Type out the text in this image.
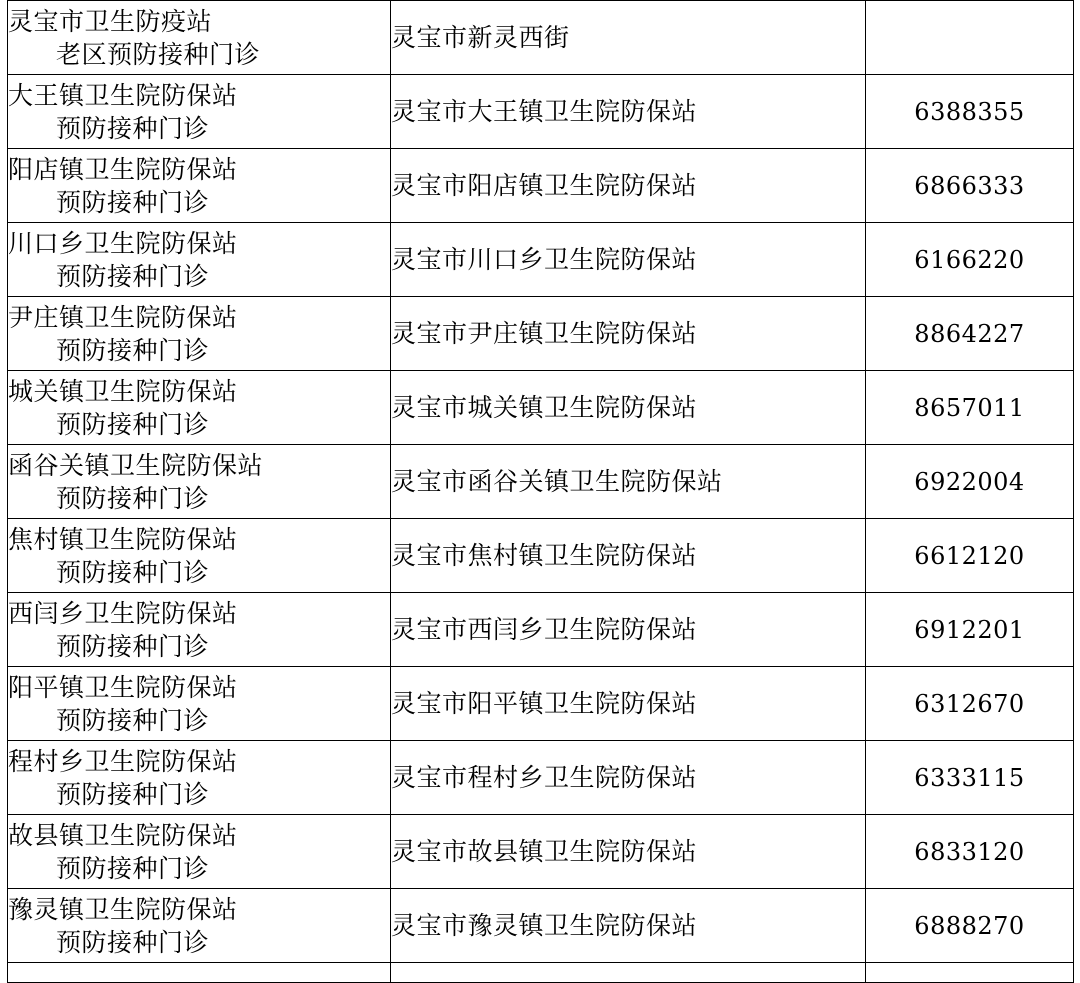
灵宝市卫生防疫站
老区预防接种门诊	灵宝市新灵西街	

大王镇卫生院防保站
预防接种门诊	灵宝市大王镇卫生院防保站	6388355

阳店镇卫生院防保站
预防接种门诊	灵宝市阳店镇卫生院防保站	6866333

川口乡卫生院防保站
预防接种门诊	灵宝市川口乡卫生院防保站	6166220

尹庄镇卫生院防保站
预防接种门诊	灵宝市尹庄镇卫生院防保站	8864227

城关镇卫生院防保站
预防接种门诊	灵宝市城关镇卫生院防保站	8657011

函谷关镇卫生院防保站
预防接种门诊	灵宝市函谷关镇卫生院防保站	6922004

焦村镇卫生院防保站
预防接种门诊	灵宝市焦村镇卫生院防保站	6612120

西闫乡卫生院防保站
预防接种门诊	灵宝市西闫乡卫生院防保站	6912201

阳平镇卫生院防保站
预防接种门诊	灵宝市阳平镇卫生院防保站	6312670

程村乡卫生院防保站
预防接种门诊	灵宝市程村乡卫生院防保站	6333115

故县镇卫生院防保站
预防接种门诊	灵宝市故县镇卫生院防保站	6833120

豫灵镇卫生院防保站
预防接种门诊	灵宝市豫灵镇卫生院防保站	6888270
